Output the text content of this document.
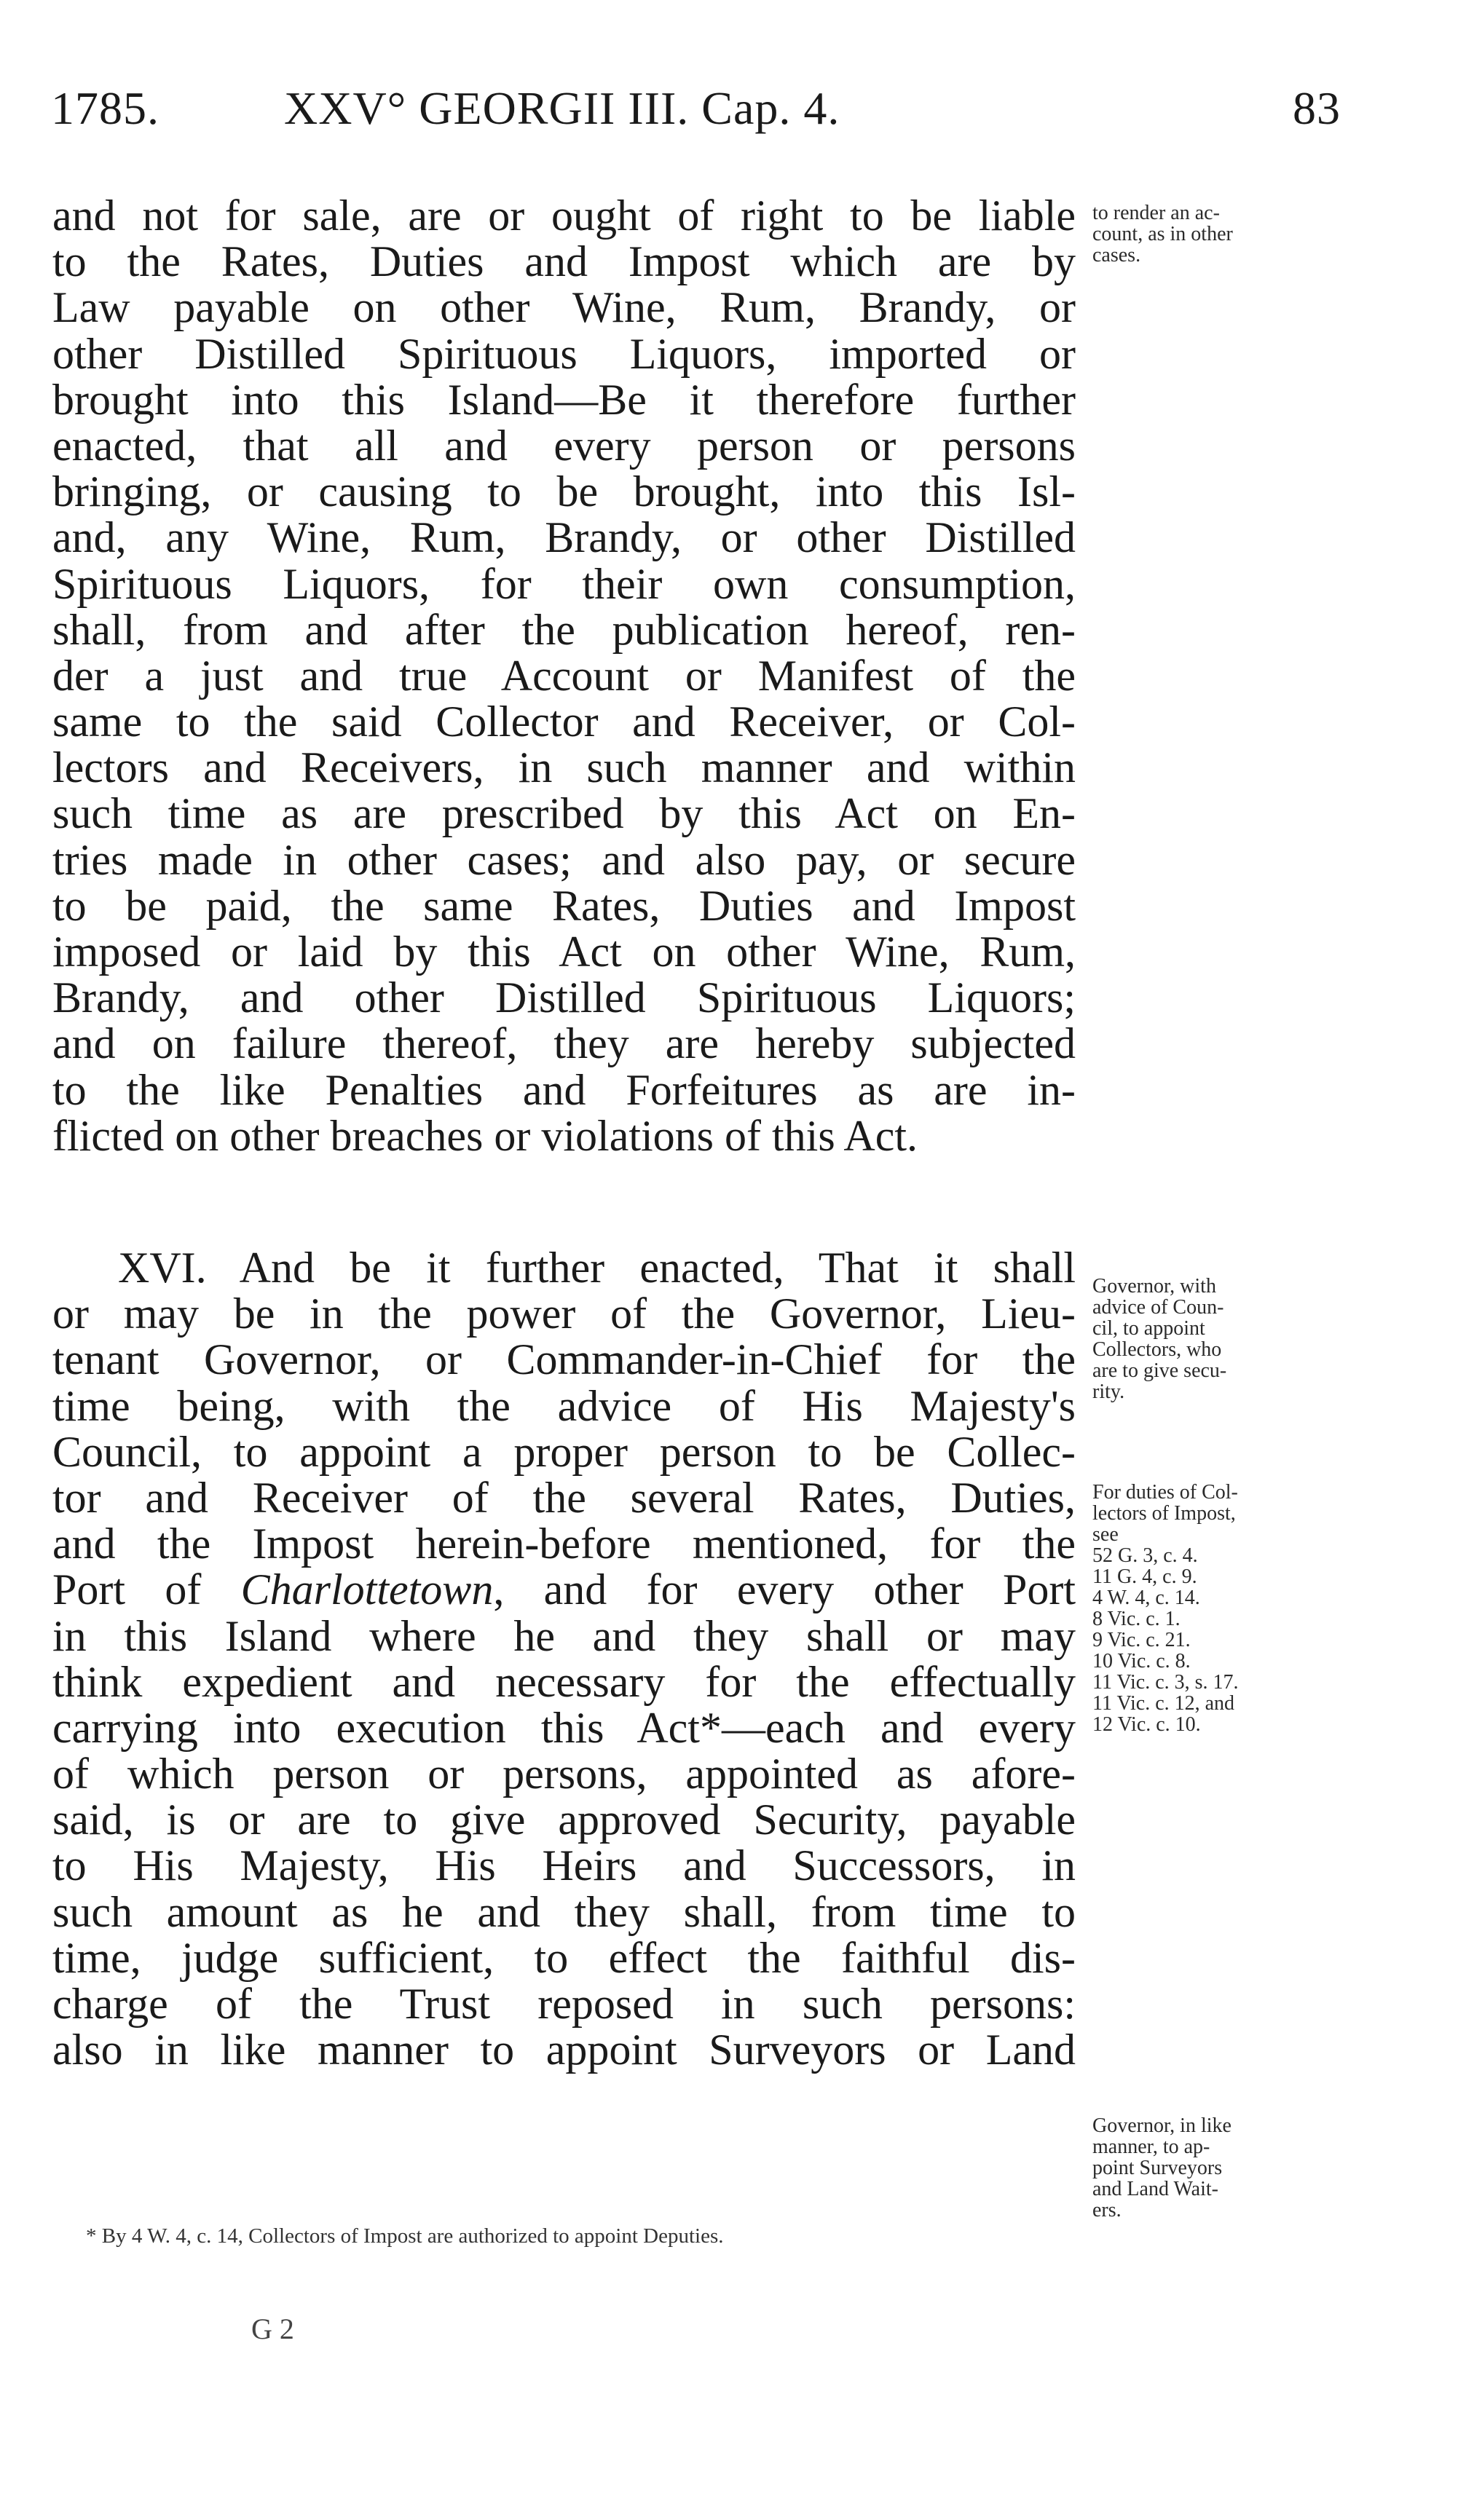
1785.	XXV° GEORGII III. Cap. 4.	83
and not for sale, are or ought of right to be liable
to the Rates, Duties and Impost which are by
Law payable on other Wine, Rum, Brandy, or
other Distilled Spirituous Liquors, imported or
brought into this Island—Be it therefore further
enacted, that all and every person or persons
bringing, or causing to be brought, into this Isl-
and, any Wine, Rum, Brandy, or other Distilled
Spirituous Liquors, for their own consumption,
shall, from and after the publication hereof, ren-
der a just and true Account or Manifest of the
same to the said Collector and Receiver, or Col-
lectors and Receivers, in such manner and within
such time as are prescribed by this Act on En-
tries made in other cases; and also pay, or secure
to be paid, the same Rates, Duties and Impost
imposed or laid by this Act on other Wine, Rum,
Brandy, and other Distilled Spirituous Liquors;
and on failure thereof, they are hereby subjected
to the like Penalties and Forfeitures as are in-
flicted on other breaches or violations of this Act.
XVI. And be it further enacted, That it shall
or may be in the power of the Governor, Lieu-
tenant Governor, or Commander-in-Chief for the
time being, with the advice of His Majesty's
Council, to appoint a proper person to be Collec-
tor and Receiver of the several Rates, Duties,
and the Impost herein-before mentioned, for the
Port of Charlottetown, and for every other Port
in this Island where he and they shall or may
think expedient and necessary for the effectually
carrying into execution this Act*—each and every
of which person or persons, appointed as afore-
said, is or are to give approved Security, payable
to His Majesty, His Heirs and Successors, in
such amount as he and they shall, from time to
time, judge sufficient, to effect the faithful dis-
charge of the Trust reposed in such persons:
also in like manner to appoint Surveyors or Land
to render an ac-
count, as in other
cases.
Governor, with
advice of Coun-
cil, to appoint
Collectors, who
are to give secu-
rity.
For duties of Col-
lectors of Impost,
see
52 G. 3, c. 4.
11 G. 4, c. 9.
4 W. 4, c. 14.
8 Vic. c. 1.
9 Vic. c. 21.
10 Vic. c. 8.
11 Vic. c. 3, s. 17.
11 Vic. c. 12, and
12 Vic. c. 10.
Governor, in like
manner, to ap-
point Surveyors
and Land Wait-
ers.
* By 4 W. 4, c. 14, Collectors of Impost are authorized to appoint Deputies.
G 2
